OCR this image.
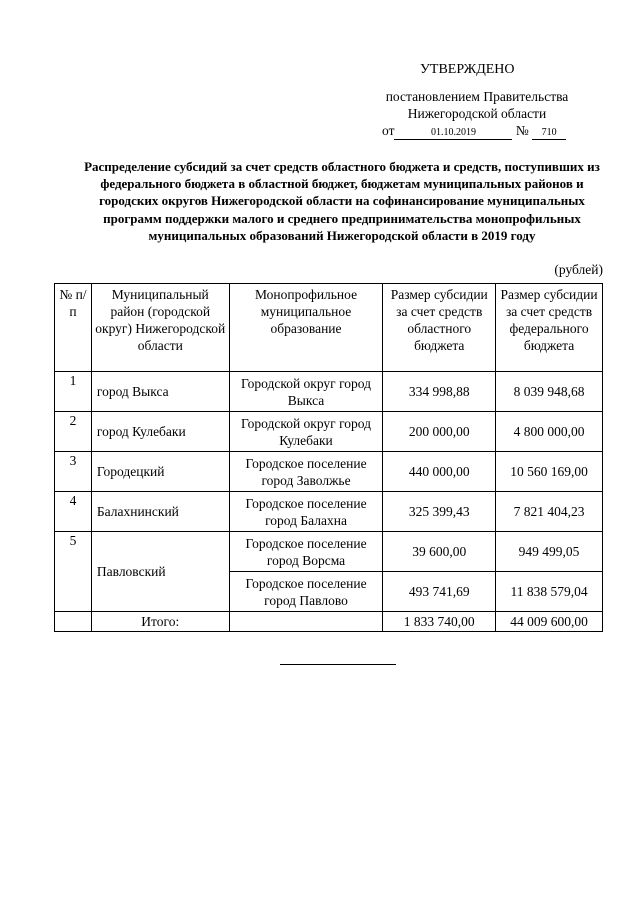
УТВЕРЖДЕНО
постановлением Правительства
Нижегородской области
от	01.10.2019	№ 710
Распределение субсидий за счет средств областного бюджета и средств, поступивших из федерального бюджета в областной бюджет, бюджетам муниципальных районов и городских округов Нижегородской области на софинансирование муниципальных программ поддержки малого и среднего предпринимательства монопрофильных муниципальных образований Нижегородской области в 2019 году
(рублей)
№ п/п	Муниципальный район (городской округ) Нижегородской области	Монопрофильное муниципальное образование	Размер субсидии за счет средств областного бюджета	Размер субсидии за счет средств федерального бюджета
1	город Выкса	Городской округ город Выкса	334 998,88	8 039 948,68
2	город Кулебаки	Городской округ город Кулебаки	200 000,00	4 800 000,00
3	Городецкий	Городское поселение город Заволжье	440 000,00	10 560 169,00
4	Балахнинский	Городское поселение город Балахна	325 399,43	7 821 404,23
5	Павловский	Городское поселение город Ворсма	39 600,00	949 499,05
		Городское поселение город Павлово	493 741,69	11 838 579,04
	Итого:		1 833 740,00	44 009 600,00
